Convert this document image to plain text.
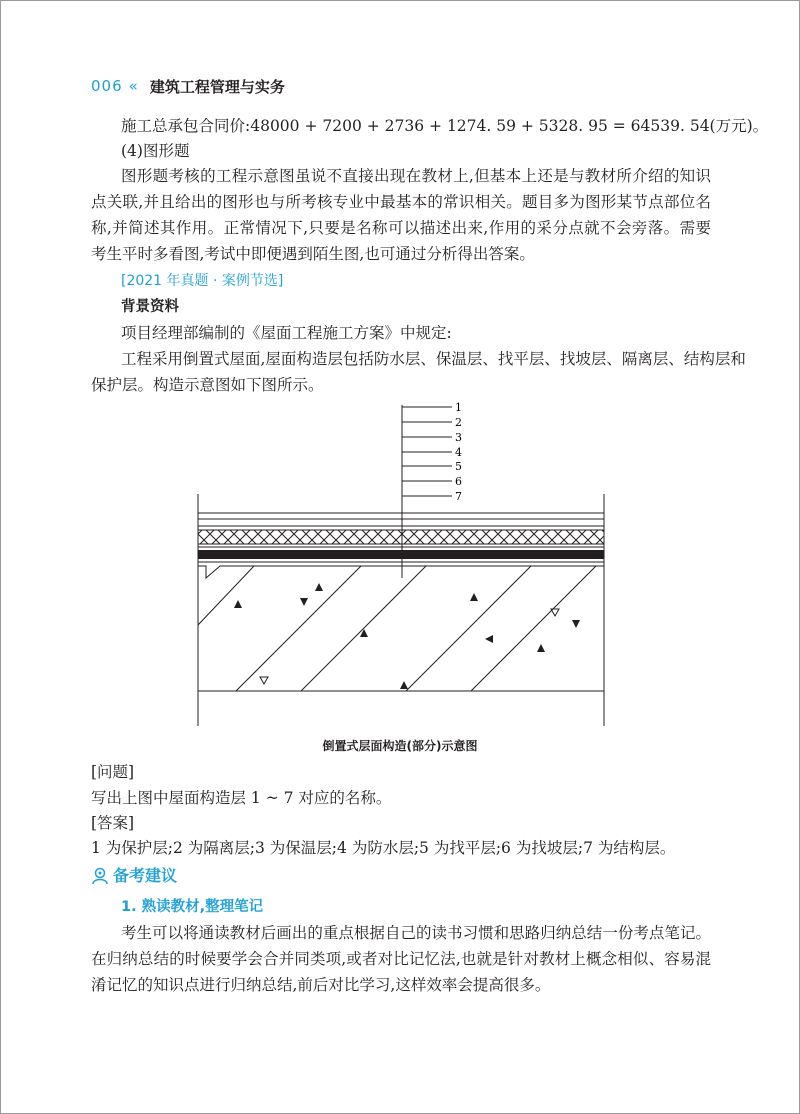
006 « 建筑工程管理与实务
施工总承包合同价:48000 + 7200 + 2736 + 1274. 59 + 5328. 95 = 64539. 54(万元)。
(4)图形题
图形题考核的工程示意图虽说不直接出现在教材上,但基本上还是与教材所介绍的知识
点关联,并且给出的图形也与所考核专业中最基本的常识相关。题目多为图形某节点部位名
称,并简述其作用。正常情况下,只要是名称可以描述出来,作用的采分点就不会旁落。需要
考生平时多看图,考试中即便遇到陌生图,也可通过分析得出答案。
[2021 年真题 · 案例节选]
背景资料
项目经理部编制的《屋面工程施工方案》中规定:
工程采用倒置式屋面,屋面构造层包括防水层、保温层、找平层、找坡层、隔离层、结构层和
保护层。构造示意图如下图所示。
1
2
3
4
5
6
7
倒置式层面构造(部分)示意图
[问题]
写出上图中屋面构造层 1 ~ 7 对应的名称。
[答案]
1 为保护层;2 为隔离层;3 为保温层;4 为防水层;5 为找平层;6 为找坡层;7 为结构层。
备考建议
1. 熟读教材,整理笔记
考生可以将通读教材后画出的重点根据自己的读书习惯和思路归纳总结一份考点笔记。
在归纳总结的时候要学会合并同类项,或者对比记忆法,也就是针对教材上概念相似、容易混
淆记忆的知识点进行归纳总结,前后对比学习,这样效率会提高很多。
